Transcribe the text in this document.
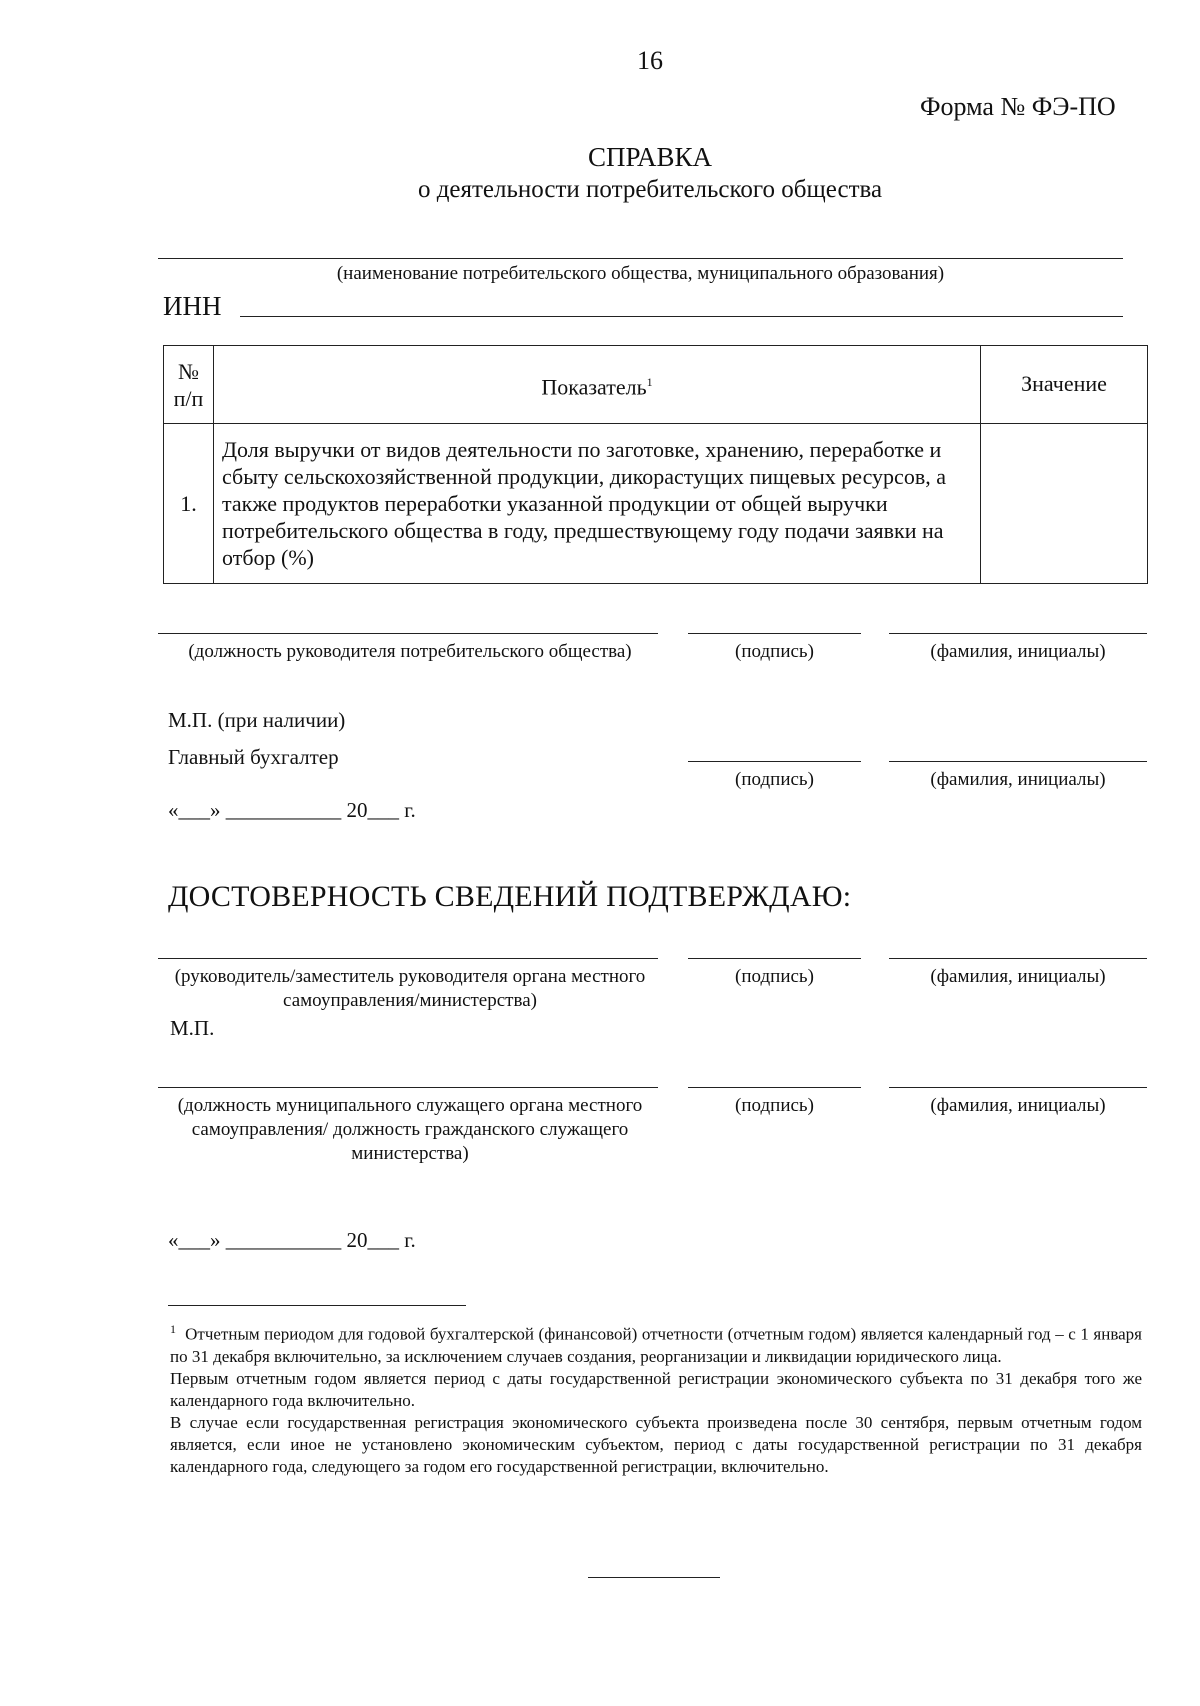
16
Форма № ФЭ-ПО
СПРАВКА
о деятельности потребительского общества
(наименование потребительского общества, муниципального образования)
ИНН
№ п/п	Показатель$^1$	Значение
1.	Доля выручки от видов деятельности по заготовке, хранению, переработке и сбыту сельскохозяйственной продукции, дикорастущих пищевых ресурсов, а также продуктов переработки указанной продукции от общей выручки потребительского общества в году, предшествующему году подачи заявки на отбор (%)	
(должность руководителя потребительского общества)	(подпись)	(фамилия, инициалы)
М.П. (при наличии)
Главный бухгалтер
(подпись)	(фамилия, инициалы)
«___» ___________ 20___ г.
ДОСТОВЕРНОСТЬ СВЕДЕНИЙ ПОДТВЕРЖДАЮ:
(руководитель/заместитель руководителя органа местного самоуправления/министерства)
(подпись)	(фамилия, инициалы)
М.П.
(должность муниципального служащего органа местного самоуправления/ должность гражданского служащего министерства)
(подпись)	(фамилия, инициалы)
«___» ___________ 20___ г.
$^1$ Отчетным периодом для годовой бухгалтерской (финансовой) отчетности (отчетным годом) является календарный год – с 1 января по 31 декабря включительно, за исключением случаев создания, реорганизации и ликвидации юридического лица.
Первым отчетным годом является период с даты государственной регистрации экономического субъекта по 31 декабря того же календарного года включительно.
В случае если государственная регистрация экономического субъекта произведена после 30 сентября, первым отчетным годом является, если иное не установлено экономическим субъектом, период с даты государственной регистрации по 31 декабря календарного года, следующего за годом его государственной регистрации, включительно.
